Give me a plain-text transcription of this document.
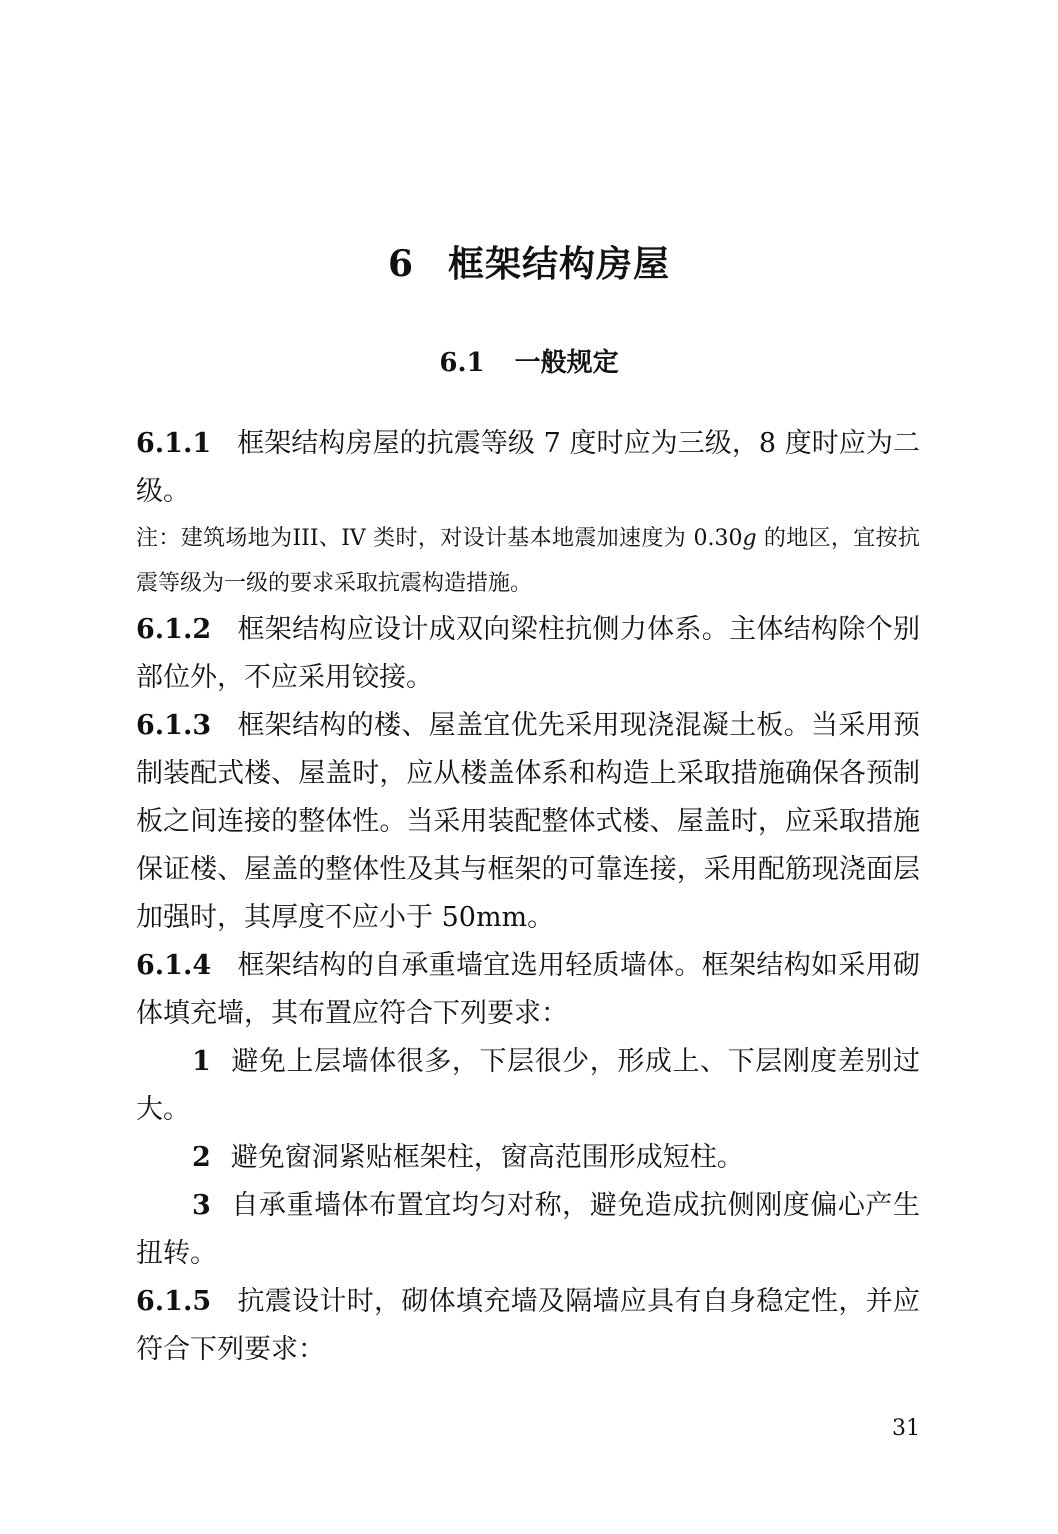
6 框架结构房屋
6.1 一般规定

6.1.1 框架结构房屋的抗震等级 7 度时应为三级，8 度时应为二级。

注：建筑场地为III、IV 类时，对设计基本地震加速度为 0.30g 的地区，宜按抗震等级为一级的要求采取抗震构造措施。

6.1.2 框架结构应设计成双向梁柱抗侧力体系。主体结构除个别部位外，不应采用铰接。

6.1.3 框架结构的楼、屋盖宜优先采用现浇混凝土板。当采用预制装配式楼、屋盖时，应从楼盖体系和构造上采取措施确保各预制板之间连接的整体性。当采用装配整体式楼、屋盖时，应采取措施保证楼、屋盖的整体性及其与框架的可靠连接，采用配筋现浇面层加强时，其厚度不应小于 50mm。

6.1.4 框架结构的自承重墙宜选用轻质墙体。框架结构如采用砌体填充墙，其布置应符合下列要求：

1 避免上层墙体很多，下层很少，形成上、下层刚度差别过大。

2 避免窗洞紧贴框架柱，窗高范围形成短柱。

3 自承重墙体布置宜均匀对称，避免造成抗侧刚度偏心产生扭转。

6.1.5 抗震设计时，砌体填充墙及隔墙应具有自身稳定性，并应符合下列要求：

31
